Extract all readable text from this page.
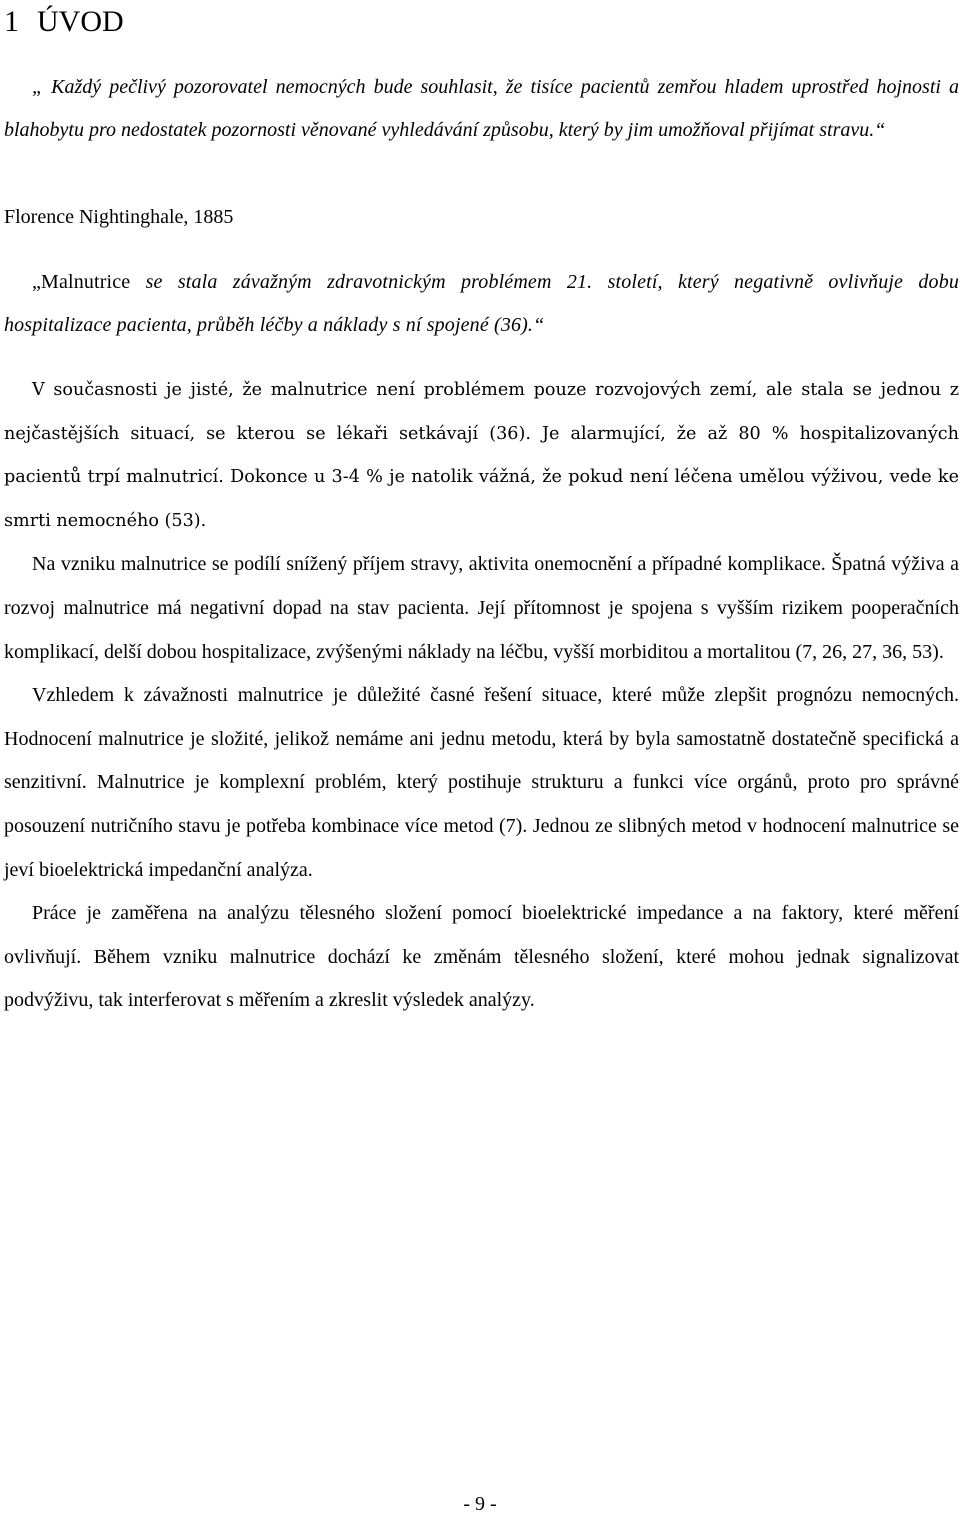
1 ÚVOD

„ Každý pečlivý pozorovatel nemocných bude souhlasit, že tisíce pacientů zemřou hladem uprostřed hojnosti a blahobytu pro nedostatek pozornosti věnované vyhledávání způsobu, který by jim umožňoval přijímat stravu.“

Florence Nightinghale, 1885

„Malnutrice se stala závažným zdravotnickým problémem 21. století, který negativně ovlivňuje dobu hospitalizace pacienta, průběh léčby a náklady s ní spojené (36).“

V současnosti je jisté, že malnutrice není problémem pouze rozvojových zemí, ale stala se jednou z nejčastějších situací, se kterou se lékaři setkávají (36). Je alarmující, že až 80 % hospitalizovaných pacientů trpí malnutricí. Dokonce u 3-4 % je natolik vážná, že pokud není léčena umělou výživou, vede ke smrti nemocného (53).

Na vzniku malnutrice se podílí snížený příjem stravy, aktivita onemocnění a případné komplikace. Špatná výživa a rozvoj malnutrice má negativní dopad na stav pacienta. Její přítomnost je spojena s vyšším rizikem pooperačních komplikací, delší dobou hospitalizace, zvýšenými náklady na léčbu, vyšší morbiditou a mortalitou (7, 26, 27, 36, 53).

Vzhledem k závažnosti malnutrice je důležité časné řešení situace, které může zlepšit prognózu nemocných. Hodnocení malnutrice je složité, jelikož nemáme ani jednu metodu, která by byla samostatně dostatečně specifická a senzitivní. Malnutrice je komplexní problém, který postihuje strukturu a funkci více orgánů, proto pro správné posouzení nutričního stavu je potřeba kombinace více metod (7). Jednou ze slibných metod v hodnocení malnutrice se jeví bioelektrická impedanční analýza.

Práce je zaměřena na analýzu tělesného složení pomocí bioelektrické impedance a na faktory, které měření ovlivňují. Během vzniku malnutrice dochází ke změnám tělesného složení, které mohou jednak signalizovat podvýživu, tak interferovat s měřením a zkreslit výsledek analýzy.

- 9 -
